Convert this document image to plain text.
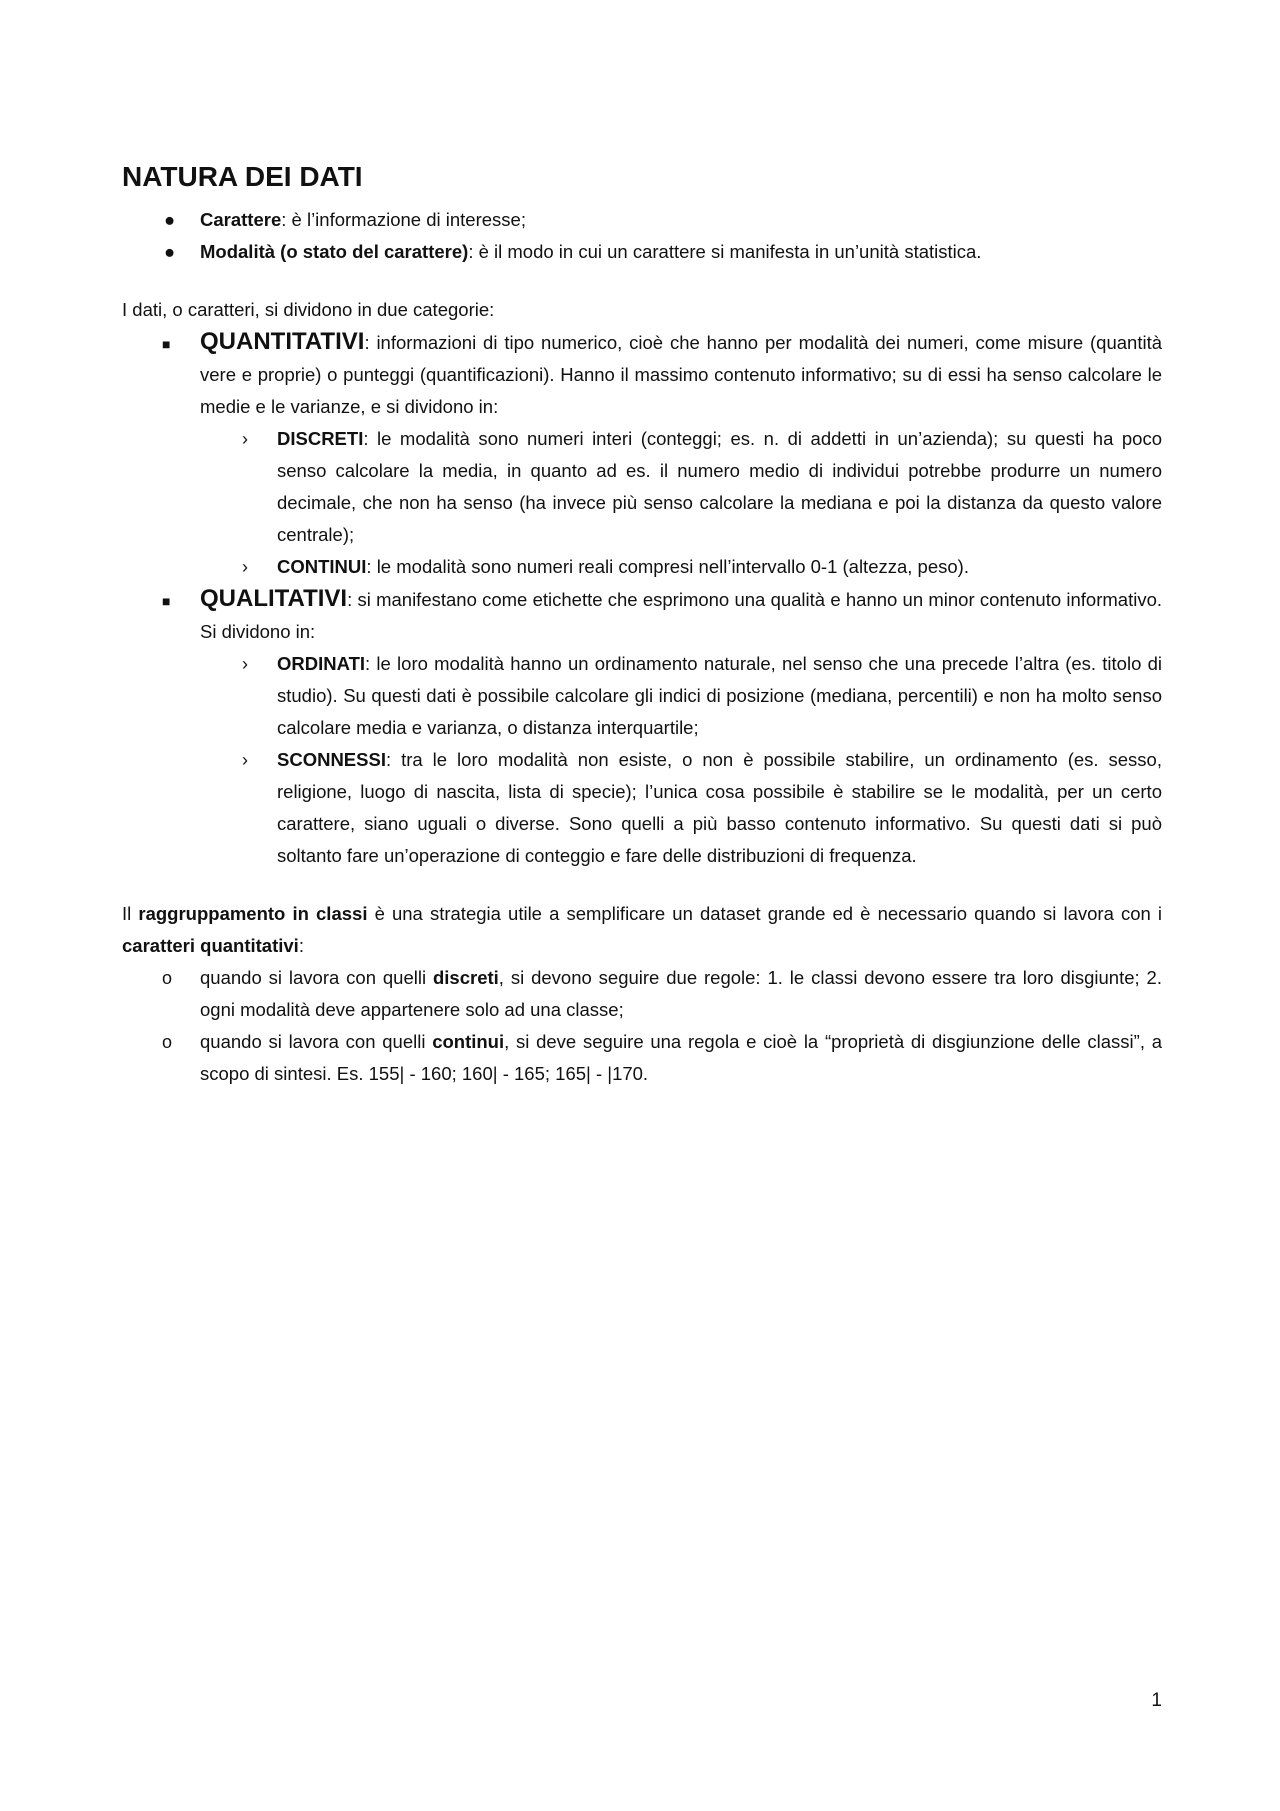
NATURA DEI DATI
● Carattere: è l’informazione di interesse;
● Modalità (o stato del carattere): è il modo in cui un carattere si manifesta in un’unità statistica.

I dati, o caratteri, si dividono in due categorie:

■ QUANTITATIVI: informazioni di tipo numerico, cioè che hanno per modalità dei numeri, come misure (quantità vere e proprie) o punteggi (quantificazioni). Hanno il massimo contenuto informativo; su di essi ha senso calcolare le medie e le varianze, e si dividono in:

› DISCRETI: le modalità sono numeri interi (conteggi; es. n. di addetti in un’azienda); su questi ha poco senso calcolare la media, in quanto ad es. il numero medio di individui potrebbe produrre un numero decimale, che non ha senso (ha invece più senso calcolare la mediana e poi la distanza da questo valore centrale);

› CONTINUI: le modalità sono numeri reali compresi nell’intervallo 0-1 (altezza, peso).

■ QUALITATIVI: si manifestano come etichette che esprimono una qualità e hanno un minor contenuto informativo. Si dividono in:

› ORDINATI: le loro modalità hanno un ordinamento naturale, nel senso che una precede l’altra (es. titolo di studio). Su questi dati è possibile calcolare gli indici di posizione (mediana, percentili) e non ha molto senso calcolare media e varianza, o distanza interquartile;

› SCONNESSI: tra le loro modalità non esiste, o non è possibile stabilire, un ordinamento (es. sesso, religione, luogo di nascita, lista di specie); l’unica cosa possibile è stabilire se le modalità, per un certo carattere, siano uguali o diverse. Sono quelli a più basso contenuto informativo. Su questi dati si può soltanto fare un’operazione di conteggio e fare delle distribuzioni di frequenza.

Il raggruppamento in classi è una strategia utile a semplificare un dataset grande ed è necessario quando si lavora con i caratteri quantitativi:

o quando si lavora con quelli discreti, si devono seguire due regole: 1. le classi devono essere tra loro disgiunte; 2. ogni modalità deve appartenere solo ad una classe;

o quando si lavora con quelli continui, si deve seguire una regola e cioè la “proprietà di disgiunzione delle classi”, a scopo di sintesi. Es. 155| - 160; 160| - 165; 165| - |170.

1
